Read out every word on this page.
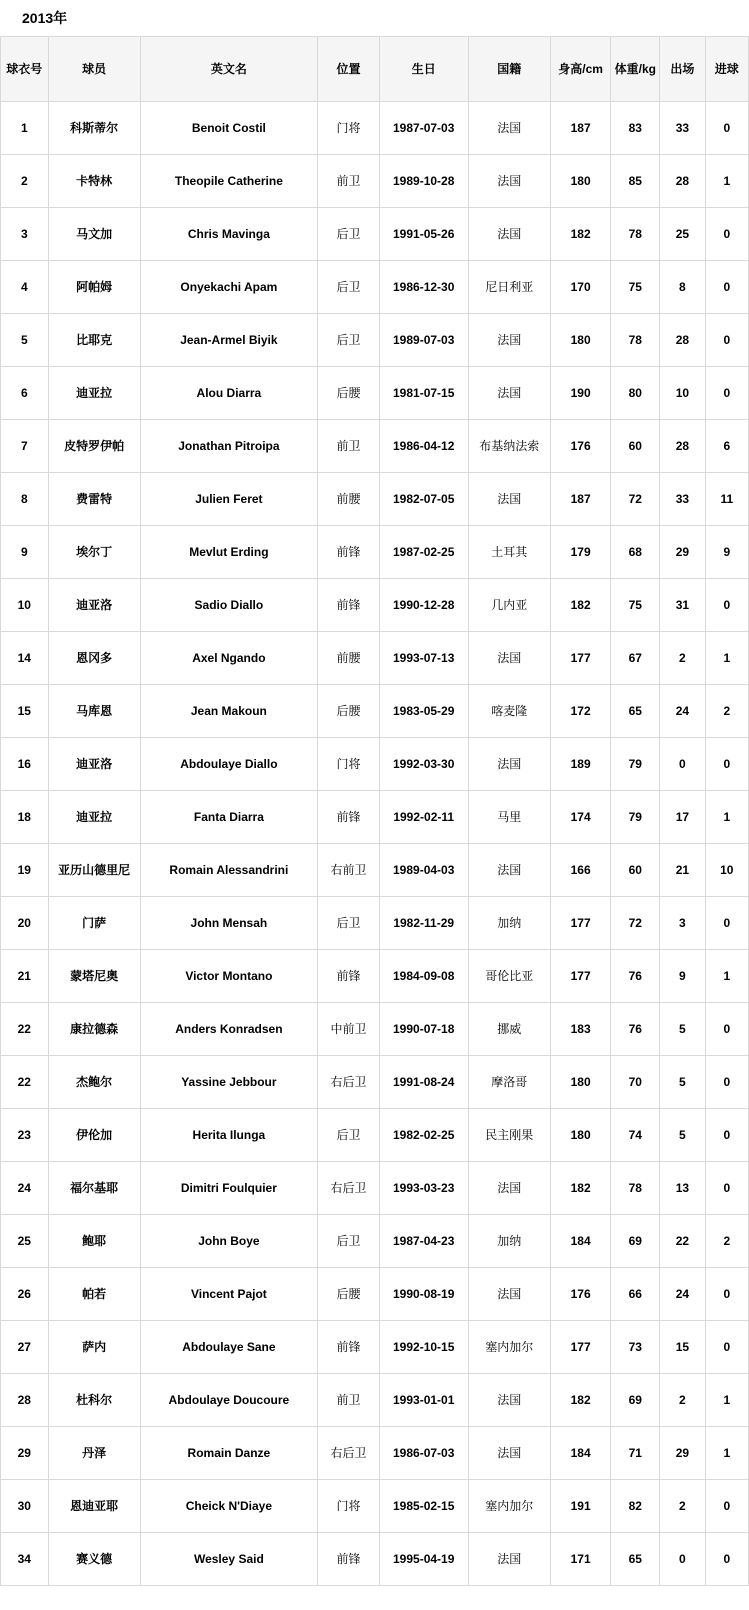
2013年
球衣号	球员	英文名	位置	生日	国籍	身高/cm	体重/kg	出场	进球
1	科斯蒂尔	Benoit Costil	门将	1987-07-03	法国	187	83	33	0
2	卡特林	Theopile Catherine	前卫	1989-10-28	法国	180	85	28	1
3	马文加	Chris Mavinga	后卫	1991-05-26	法国	182	78	25	0
4	阿帕姆	Onyekachi Apam	后卫	1986-12-30	尼日利亚	170	75	8	0
5	比耶克	Jean-Armel Biyik	后卫	1989-07-03	法国	180	78	28	0
6	迪亚拉	Alou Diarra	后腰	1981-07-15	法国	190	80	10	0
7	皮特罗伊帕	Jonathan Pitroipa	前卫	1986-04-12	布基纳法索	176	60	28	6
8	费雷特	Julien Feret	前腰	1982-07-05	法国	187	72	33	11
9	埃尔丁	Mevlut Erding	前锋	1987-02-25	土耳其	179	68	29	9
10	迪亚洛	Sadio Diallo	前锋	1990-12-28	几内亚	182	75	31	0
14	恩冈多	Axel Ngando	前腰	1993-07-13	法国	177	67	2	1
15	马库恩	Jean Makoun	后腰	1983-05-29	喀麦隆	172	65	24	2
16	迪亚洛	Abdoulaye Diallo	门将	1992-03-30	法国	189	79	0	0
18	迪亚拉	Fanta Diarra	前锋	1992-02-11	马里	174	79	17	1
19	亚历山德里尼	Romain Alessandrini	右前卫	1989-04-03	法国	166	60	21	10
20	门萨	John Mensah	后卫	1982-11-29	加纳	177	72	3	0
21	蒙塔尼奥	Victor Montano	前锋	1984-09-08	哥伦比亚	177	76	9	1
22	康拉德森	Anders Konradsen	中前卫	1990-07-18	挪威	183	76	5	0
22	杰鲍尔	Yassine Jebbour	右后卫	1991-08-24	摩洛哥	180	70	5	0
23	伊伦加	Herita Ilunga	后卫	1982-02-25	民主刚果	180	74	5	0
24	福尔基耶	Dimitri Foulquier	右后卫	1993-03-23	法国	182	78	13	0
25	鲍耶	John Boye	后卫	1987-04-23	加纳	184	69	22	2
26	帕若	Vincent Pajot	后腰	1990-08-19	法国	176	66	24	0
27	萨内	Abdoulaye Sane	前锋	1992-10-15	塞内加尔	177	73	15	0
28	杜科尔	Abdoulaye Doucoure	前卫	1993-01-01	法国	182	69	2	1
29	丹泽	Romain Danze	右后卫	1986-07-03	法国	184	71	29	1
30	恩迪亚耶	Cheick N'Diaye	门将	1985-02-15	塞内加尔	191	82	2	0
34	赛义德	Wesley Said	前锋	1995-04-19	法国	171	65	0	0
